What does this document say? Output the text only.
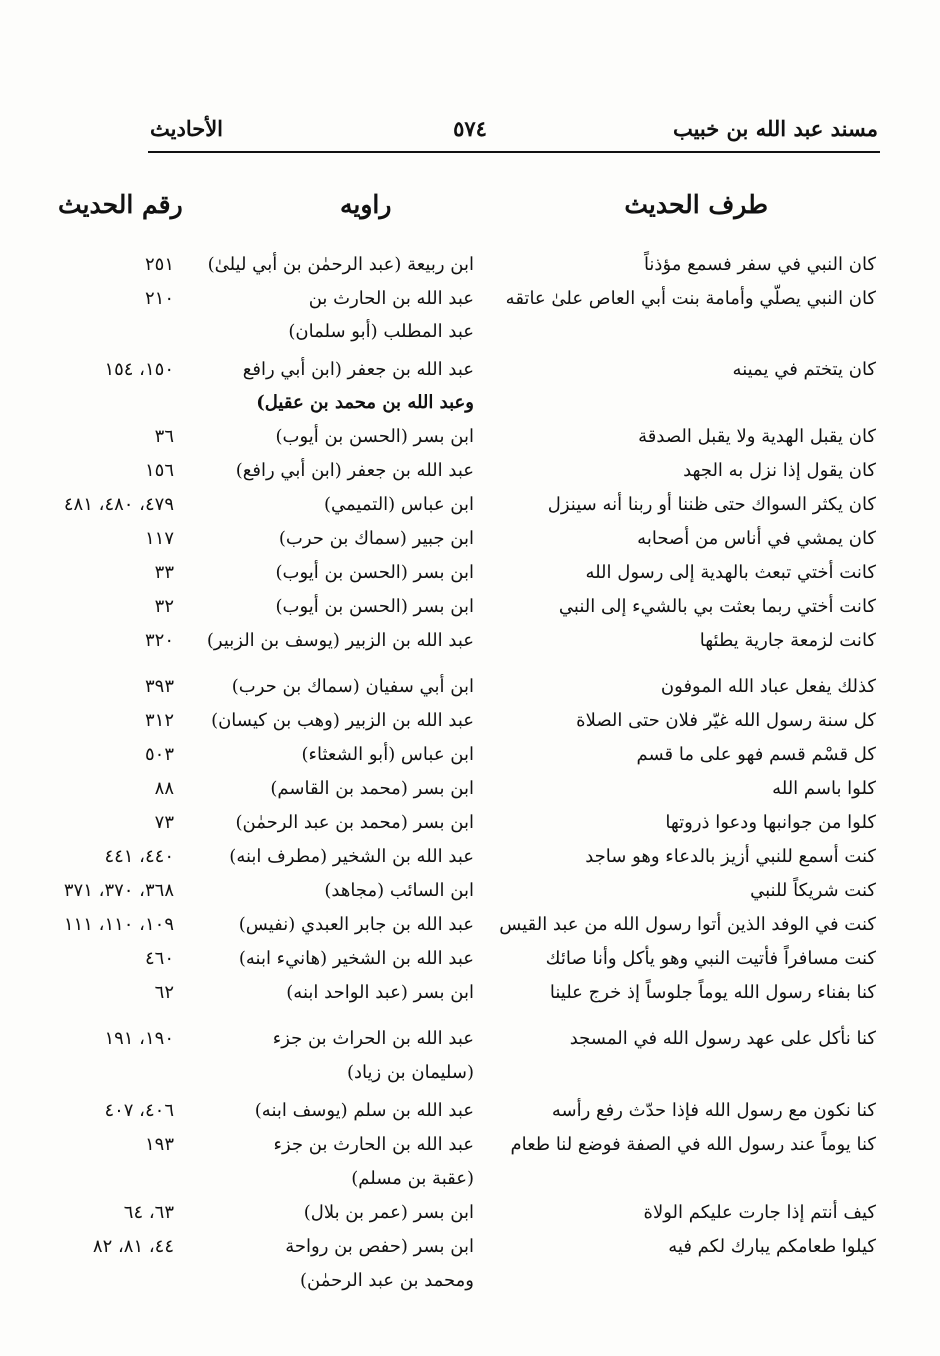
مسند عبد الله بن خبيب
٥٧٤
الأحاديث
طرف الحديث
راويه
رقم الحديث
كان النبي في سفر فسمع مؤذناً
ابن ربيعة (عبد الرحمٰن بن أبي ليلىٰ)
٢٥١
كان النبي يصلّي وأمامة بنت أبي العاص علىٰ عاتقه
عبد الله بن الحارث بن
٢١٠
عبد المطلب (أبو سلمان)
كان يتختم في يمينه
عبد الله بن جعفر (ابن أبي رافع
١٥٠، ١٥٤
وعبد الله بن محمد بن عقيل)
كان يقبل الهدية ولا يقبل الصدقة
ابن بسر (الحسن بن أيوب)
٣٦
كان يقول إذا نزل به الجهد
عبد الله بن جعفر (ابن أبي رافع)
١٥٦
كان يكثر السواك حتى ظننا أو ربنا أنه سينزل
ابن عباس (التميمي)
٤٧٩، ٤٨٠، ٤٨١
كان يمشي في أناس من أصحابه
ابن جبير (سماك بن حرب)
١١٧
كانت أختي تبعث بالهدية إلى رسول الله
ابن بسر (الحسن بن أيوب)
٣٣
كانت أختي ربما بعثت بي بالشيء إلى النبي
ابن بسر (الحسن بن أيوب)
٣٢
كانت لزمعة جارية يطئها
عبد الله بن الزبير (يوسف بن الزبير)
٣٢٠
كذلك يفعل عباد الله الموفون
ابن أبي سفيان (سماك بن حرب)
٣٩٣
كل سنة رسول الله غيّر فلان حتى الصلاة
عبد الله بن الزبير (وهب بن كيسان)
٣١٢
كل قسْم قسم فهو على ما قسم
ابن عباس (أبو الشعثاء)
٥٠٣
كلوا باسم الله
ابن بسر (محمد بن القاسم)
٨٨
كلوا من جوانبها ودعوا ذروتها
ابن بسر (محمد بن عبد الرحمٰن)
٧٣
كنت أسمع للنبي أزيز بالدعاء وهو ساجد
عبد الله بن الشخير (مطرف ابنه)
٤٤٠، ٤٤١
كنت شريكاً للنبي
ابن السائب (مجاهد)
٣٦٨، ٣٧٠، ٣٧١
كنت في الوفد الذين أتوا رسول الله من عبد القيس
عبد الله بن جابر العبدي (نفيس)
١٠٩، ١١٠، ١١١
كنت مسافراً فأتيت النبي وهو يأكل وأنا صائك
عبد الله بن الشخير (هانيء ابنه)
٤٦٠
كنا بفناء رسول الله يوماً جلوساً إذ خرج علينا
ابن بسر (عبد الواحد ابنه)
٦٢
كنا نأكل على عهد رسول الله في المسجد
عبد الله بن الحراث بن جزء
١٩٠، ١٩١
(سليمان بن زياد)
كنا نكون مع رسول الله فإذا حدّث رفع رأسه
عبد الله بن سلم (يوسف ابنه)
٤٠٦، ٤٠٧
كنا يوماً عند رسول الله في الصفة فوضع لنا طعام
عبد الله بن الحارث بن جزء
١٩٣
(عقبة بن مسلم)
كيف أنتم إذا جارت عليكم الولاة
ابن بسر (عمر بن بلال)
٦٣، ٦٤
كيلوا طعامكم يبارك لكم فيه
ابن بسر (حفص بن رواحة
٤٤، ٨١، ٨٢
ومحمد بن عبد الرحمٰن)
